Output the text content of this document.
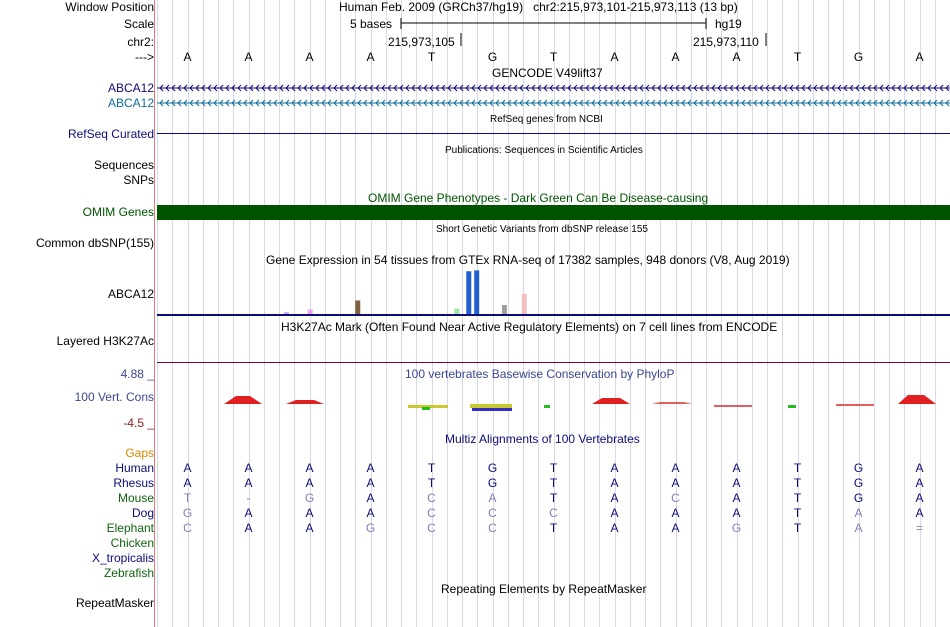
Window Position
Scale
chr2:
--->
Human Feb. 2009 (GRCh37/hg19) chr2:215,973,101-215,973,113 (13 bp)
5 bases	hg19
215,973,105	215,973,110
A	A	A	A	T	G	T	A	A	A	T	G	A
GENCODE V49lift37
ABCA12
ABCA12
RefSeq genes from NCBI
RefSeq Curated
Publications: Sequences in Scientific Articles
Sequences
SNPs
OMIM Gene Phenotypes - Dark Green Can Be Disease-causing
OMIM Genes
Short Genetic Variants from dbSNP release 155
Common dbSNP(155)
Gene Expression in 54 tissues from GTEx RNA-seq of 17382 samples, 948 donors (V8, Aug 2019)
ABCA12
H3K27Ac Mark (Often Found Near Active Regulatory Elements) on 7 cell lines from ENCODE
Layered H3K27Ac
4.88 _	100 vertebrates Basewise Conservation by PhyloP
100 Vert. Cons
-4.5 _
Multiz Alignments of 100 Vertebrates
Gaps
Human	A	A	A	A	T	G	T	A	A	A	T	G	A
Rhesus	A	A	A	A	T	G	T	A	A	A	T	G	A
Mouse	T	-	G	A	C	A	T	A	C	A	T	G	A
Dog	G	A	A	A	C	C	C	A	A	A	T	A	A
Elephant	C	A	A	G	C	C	T	A	A	G	T	A	=
Chicken
X_tropicalis
Zebrafish
Repeating Elements by RepeatMasker
RepeatMasker
